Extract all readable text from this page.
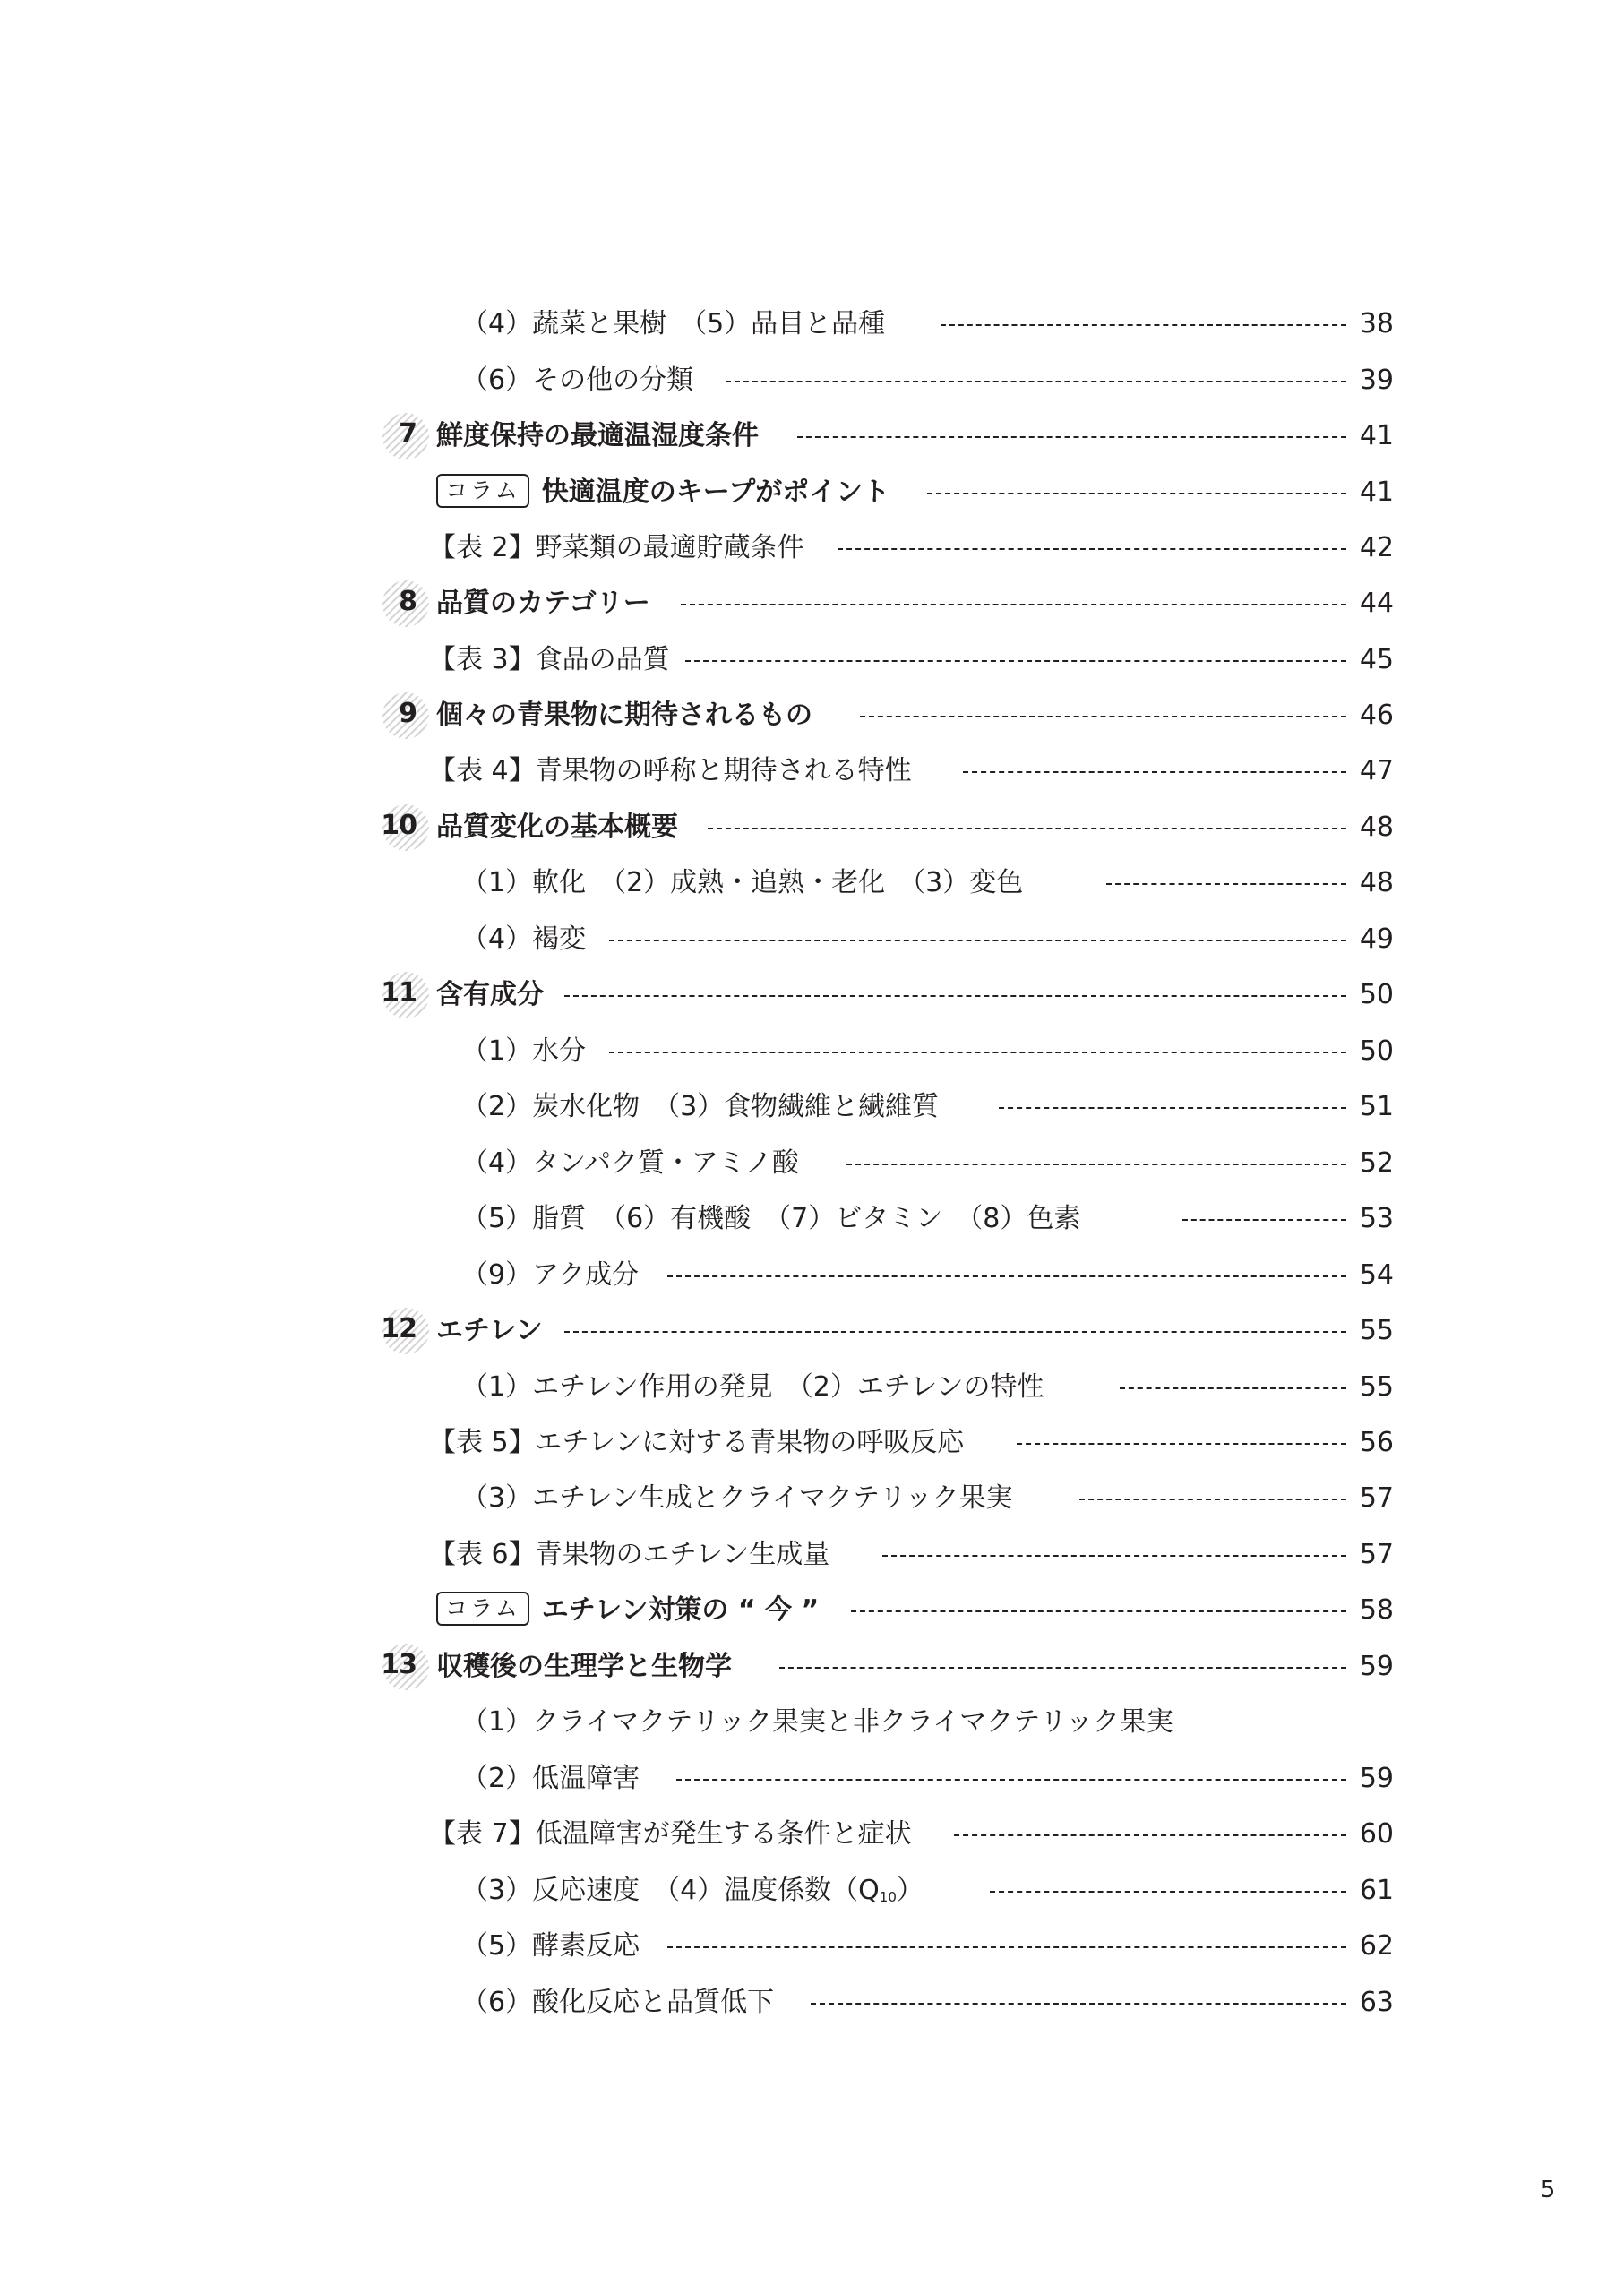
（4）蔬菜と果樹　（5）品目と品種	38
（6）その他の分類	39
7 鮮度保持の最適温湿度条件	41
コラム 快適温度のキープがポイント	41
【表 2】野菜類の最適貯蔵条件	42
8 品質のカテゴリー	44
【表 3】食品の品質	45
9 個々の青果物に期待されるもの	46
【表 4】青果物の呼称と期待される特性	47
10 品質変化の基本概要	48
（1）軟化　（2）成熟・追熟・老化　（3）変色	48
（4）褐変	49
11 含有成分	50
（1）水分	50
（2）炭水化物　（3）食物繊維と繊維質	51
（4）タンパク質・アミノ酸	52
（5）脂質　（6）有機酸　（7）ビタミン　（8）色素	53
（9）アク成分	54
12 エチレン	55
（1）エチレン作用の発見　（2）エチレンの特性	55
【表 5】エチレンに対する青果物の呼吸反応	56
（3）エチレン生成とクライマクテリック果実	57
【表 6】青果物のエチレン生成量	57
コラム エチレン対策の “ 今 ”	58
13 収穫後の生理学と生物学	59
（1）クライマクテリック果実と非クライマクテリック果実
（2）低温障害	59
【表 7】低温障害が発生する条件と症状	60
（3）反応速度　（4）温度係数$(Q_{10})$	61
（5）酵素反応	62
（6）酸化反応と品質低下	63
5
